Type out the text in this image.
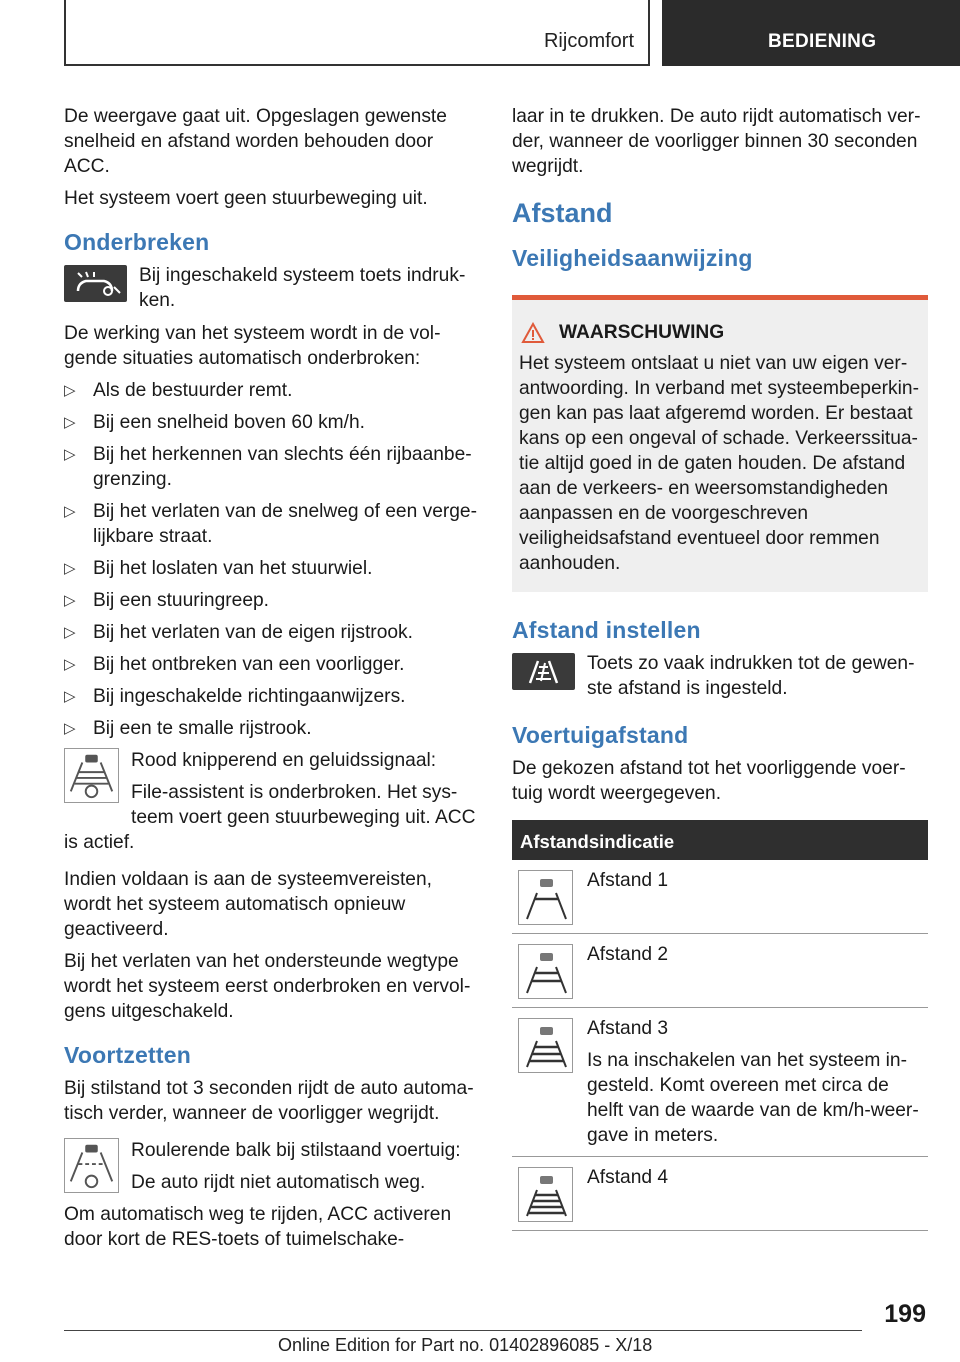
Rijcomfort	BEDIENING

De weergave gaat uit. Opgeslagen gewenste snelheid en afstand worden behouden door ACC.

Het systeem voert geen stuurbeweging uit.

Onderbreken
Bij ingeschakeld systeem toets indrukken.

De werking van het systeem wordt in de volgende situaties automatisch onderbroken:

▷ Als de bestuurder remt.
▷ Bij een snelheid boven 60 km/h.
▷ Bij het herkennen van slechts één rijbaanbegrenzing.
▷ Bij het verlaten van de snelweg of een vergelijkbare straat.
▷ Bij het loslaten van het stuurwiel.
▷ Bij een stuuringreep.
▷ Bij het verlaten van de eigen rijstrook.
▷ Bij het ontbreken van een voorligger.
▷ Bij ingeschakelde richtingaanwijzers.
▷ Bij een te smalle rijstrook.

Rood knipperend en geluidssignaal:

File-assistent is onderbroken. Het systeem voert geen stuurbeweging uit. ACC is actief.

Indien voldaan is aan de systeemvereisten, wordt het systeem automatisch opnieuw geactiveerd.

Bij het verlaten van het ondersteunde wegtype wordt het systeem eerst onderbroken en vervolgens uitgeschakeld.

Voortzetten

Bij stilstand tot 3 seconden rijdt de auto automatisch verder, wanneer de voorligger wegrijdt.

Roulerende balk bij stilstaand voertuig:

De auto rijdt niet automatisch weg.

Om automatisch weg te rijden, ACC activeren door kort de RES-toets of tuimelschake-

laar in te drukken. De auto rijdt automatisch verder, wanneer de voorligger binnen 30 seconden wegrijdt.

Afstand
Veiligheidsaanwijzing
WAARSCHUWING

Het systeem ontslaat u niet van uw eigen verantwoording. In verband met systeembeperkingen kan pas laat afgeremd worden. Er bestaat kans op een ongeval of schade. Verkeerssituatie altijd goed in de gaten houden. De afstand aan de verkeers- en weersomstandigheden aanpassen en de voorgeschreven veiligheidsafstand eventueel door remmen aanhouden.

Afstand instellen
Toets zo vaak indrukken tot de gewenste afstand is ingesteld.
Voertuigafstand

De gekozen afstand tot het voorliggende voertuig wordt weergegeven.

Afstandsindicatie
Afstand 1
Afstand 2
Afstand 3
Is na inschakelen van het systeem ingesteld. Komt overeen met circa de helft van de waarde van de km/h-weergave in meters.
Afstand 4
199
Online Edition for Part no. 01402896085 - X/18
